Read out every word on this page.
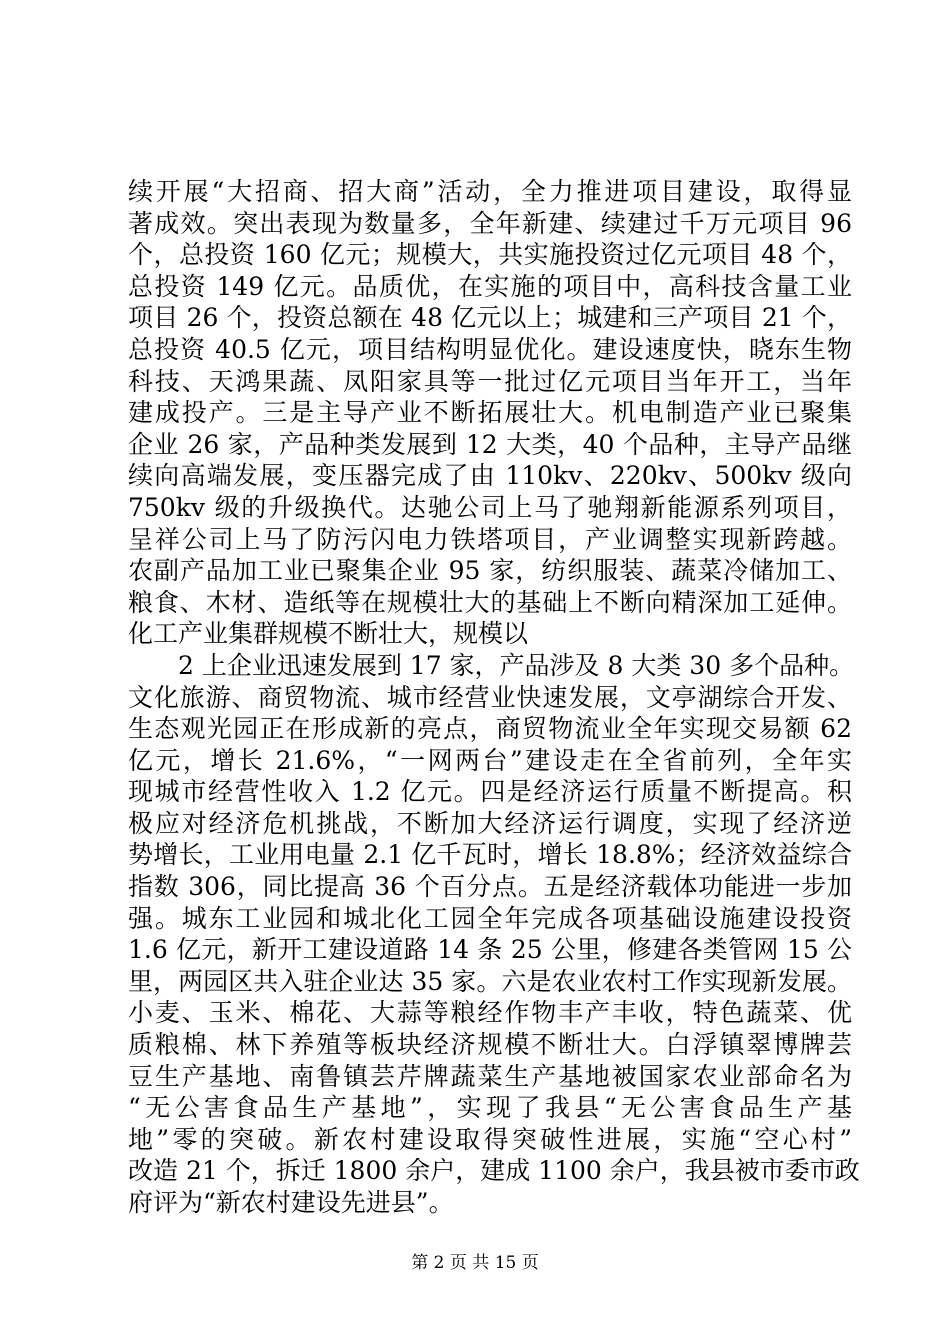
续开展“大招商、招大商”活动，全力推进项目建设，取得显
著成效。突出表现为数量多，全年新建、续建过千万元项目 96
个，总投资 160 亿元；规模大，共实施投资过亿元项目 48 个，
总投资 149 亿元。品质优，在实施的项目中，高科技含量工业
项目 26 个，投资总额在 48 亿元以上；城建和三产项目 21 个，
总投资 40.5 亿元，项目结构明显优化。建设速度快，晓东生物
科技、天鸿果蔬、凤阳家具等一批过亿元项目当年开工，当年
建成投产。三是主导产业不断拓展壮大。机电制造产业已聚集
企业 26 家，产品种类发展到 12 大类，40 个品种，主导产品继
续向高端发展，变压器完成了由 110kv、220kv、500kv 级向
750kv 级的升级换代。达驰公司上马了驰翔新能源系列项目，
呈祥公司上马了防污闪电力铁塔项目，产业调整实现新跨越。
农副产品加工业已聚集企业 95 家，纺织服装、蔬菜冷储加工、
粮食、木材、造纸等在规模壮大的基础上不断向精深加工延伸。
化工产业集群规模不断壮大，规模以
2 上企业迅速发展到 17 家，产品涉及 8 大类 30 多个品种。
文化旅游、商贸物流、城市经营业快速发展，文亭湖综合开发、
生态观光园正在形成新的亮点，商贸物流业全年实现交易额 62
亿元，增长 21.6%，“一网两台”建设走在全省前列，全年实
现城市经营性收入 1.2 亿元。四是经济运行质量不断提高。积
极应对经济危机挑战，不断加大经济运行调度，实现了经济逆
势增长，工业用电量 2.1 亿千瓦时，增长 18.8%；经济效益综合
指数 306，同比提高 36 个百分点。五是经济载体功能进一步加
强。城东工业园和城北化工园全年完成各项基础设施建设投资
1.6 亿元，新开工建设道路 14 条 25 公里，修建各类管网 15 公
里，两园区共入驻企业达 35 家。六是农业农村工作实现新发展。
小麦、玉米、棉花、大蒜等粮经作物丰产丰收，特色蔬菜、优
质粮棉、林下养殖等板块经济规模不断壮大。白浮镇翠博牌芸
豆生产基地、南鲁镇芸芹牌蔬菜生产基地被国家农业部命名为
“无公害食品生产基地”，实现了我县“无公害食品生产基
地”零的突破。新农村建设取得突破性进展，实施“空心村”
改造 21 个，拆迁 1800 余户，建成 1100 余户，我县被市委市政
府评为“新农村建设先进县”。
第 2 页 共 15 页
